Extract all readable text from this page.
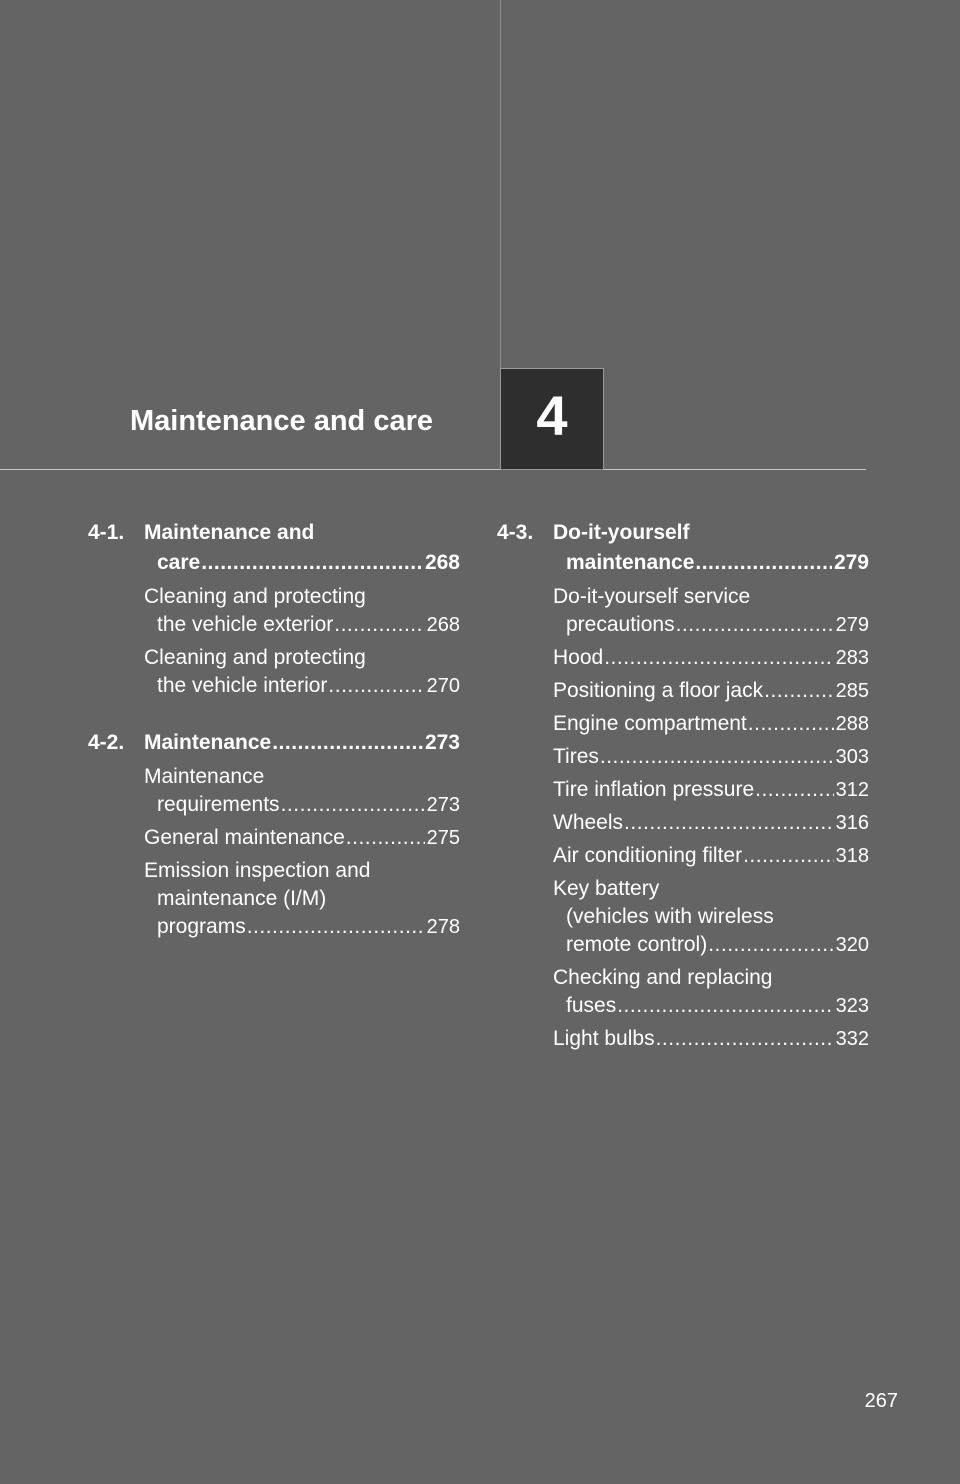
Maintenance and care 4
4-1. Maintenance and
care .....	268
Cleaning and protecting
the vehicle exterior .....	268
Cleaning and protecting
the vehicle interior .....	270
4-2. Maintenance .....	273
Maintenance
requirements .....	273
General maintenance .....	275
Emission inspection and
maintenance (I/M)
programs .....	278
4-3. Do-it-yourself
maintenance .....	279
Do-it-yourself service
precautions .....	279
Hood .....	283
Positioning a floor jack .....	285
Engine compartment .....	288
Tires .....	303
Tire inflation pressure .....	312
Wheels .....	316
Air conditioning filter .....	318
Key battery
(vehicles with wireless
remote control) .....	320
Checking and replacing
fuses .....	323
Light bulbs .....	332
267
